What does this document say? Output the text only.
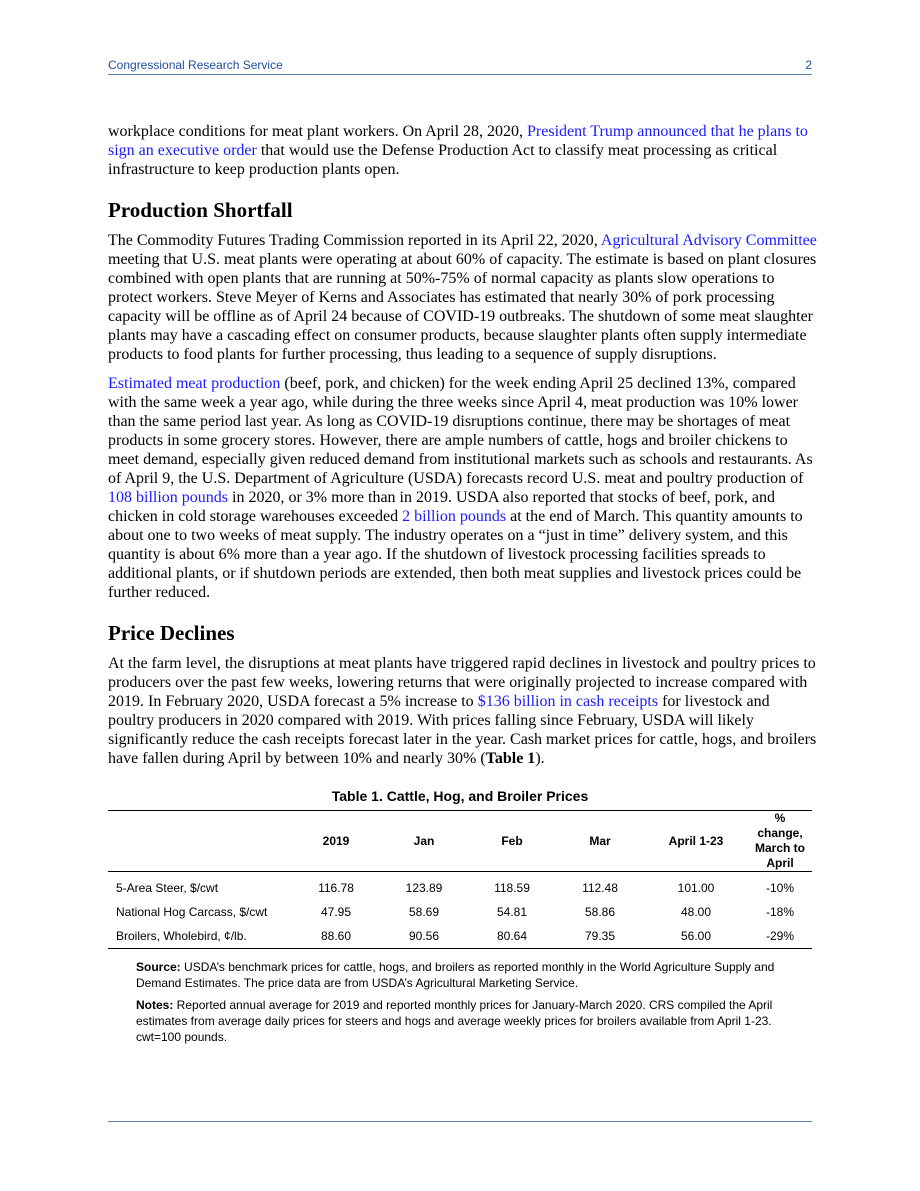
Congressional Research Service	2

workplace conditions for meat plant workers. On April 28, 2020, President Trump announced that he plans to sign an executive order that would use the Defense Production Act to classify meat processing as critical infrastructure to keep production plants open.

Production Shortfall

The Commodity Futures Trading Commission reported in its April 22, 2020, Agricultural Advisory Committee meeting that U.S. meat plants were operating at about 60% of capacity. The estimate is based on plant closures combined with open plants that are running at 50%-75% of normal capacity as plants slow operations to protect workers. Steve Meyer of Kerns and Associates has estimated that nearly 30% of pork processing capacity will be offline as of April 24 because of COVID-19 outbreaks. The shutdown of some meat slaughter plants may have a cascading effect on consumer products, because slaughter plants often supply intermediate products to food plants for further processing, thus leading to a sequence of supply disruptions.

Estimated meat production (beef, pork, and chicken) for the week ending April 25 declined 13%, compared with the same week a year ago, while during the three weeks since April 4, meat production was 10% lower than the same period last year. As long as COVID-19 disruptions continue, there may be shortages of meat products in some grocery stores. However, there are ample numbers of cattle, hogs and broiler chickens to meet demand, especially given reduced demand from institutional markets such as schools and restaurants. As of April 9, the U.S. Department of Agriculture (USDA) forecasts record U.S. meat and poultry production of 108 billion pounds in 2020, or 3% more than in 2019. USDA also reported that stocks of beef, pork, and chicken in cold storage warehouses exceeded 2 billion pounds at the end of March. This quantity amounts to about one to two weeks of meat supply. The industry operates on a “just in time” delivery system, and this quantity is about 6% more than a year ago. If the shutdown of livestock processing facilities spreads to additional plants, or if shutdown periods are extended, then both meat supplies and livestock prices could be further reduced.

Price Declines

At the farm level, the disruptions at meat plants have triggered rapid declines in livestock and poultry prices to producers over the past few weeks, lowering returns that were originally projected to increase compared with 2019. In February 2020, USDA forecast a 5% increase to $136 billion in cash receipts for livestock and poultry producers in 2020 compared with 2019. With prices falling since February, USDA will likely significantly reduce the cash receipts forecast later in the year. Cash market prices for cattle, hogs, and broilers have fallen during April by between 10% and nearly 30% (Table 1).

Table 1. Cattle, Hog, and Broiler Prices
	2019	Jan	Feb	Mar	April 1-23	% change,
March to April
5-Area Steer, $/cwt	116.78	123.89	118.59	112.48	101.00	-10%
National Hog Carcass, $/cwt	47.95	58.69	54.81	58.86	48.00	-18%
Broilers, Wholebird, ¢/lb.	88.60	90.56	80.64	79.35	56.00	-29%

Source: USDA’s benchmark prices for cattle, hogs, and broilers as reported monthly in the World Agriculture Supply and Demand Estimates. The price data are from USDA’s Agricultural Marketing Service.

Notes: Reported annual average for 2019 and reported monthly prices for January-March 2020. CRS compiled the April estimates from average daily prices for steers and hogs and average weekly prices for broilers available from April 1-23. cwt=100 pounds.
